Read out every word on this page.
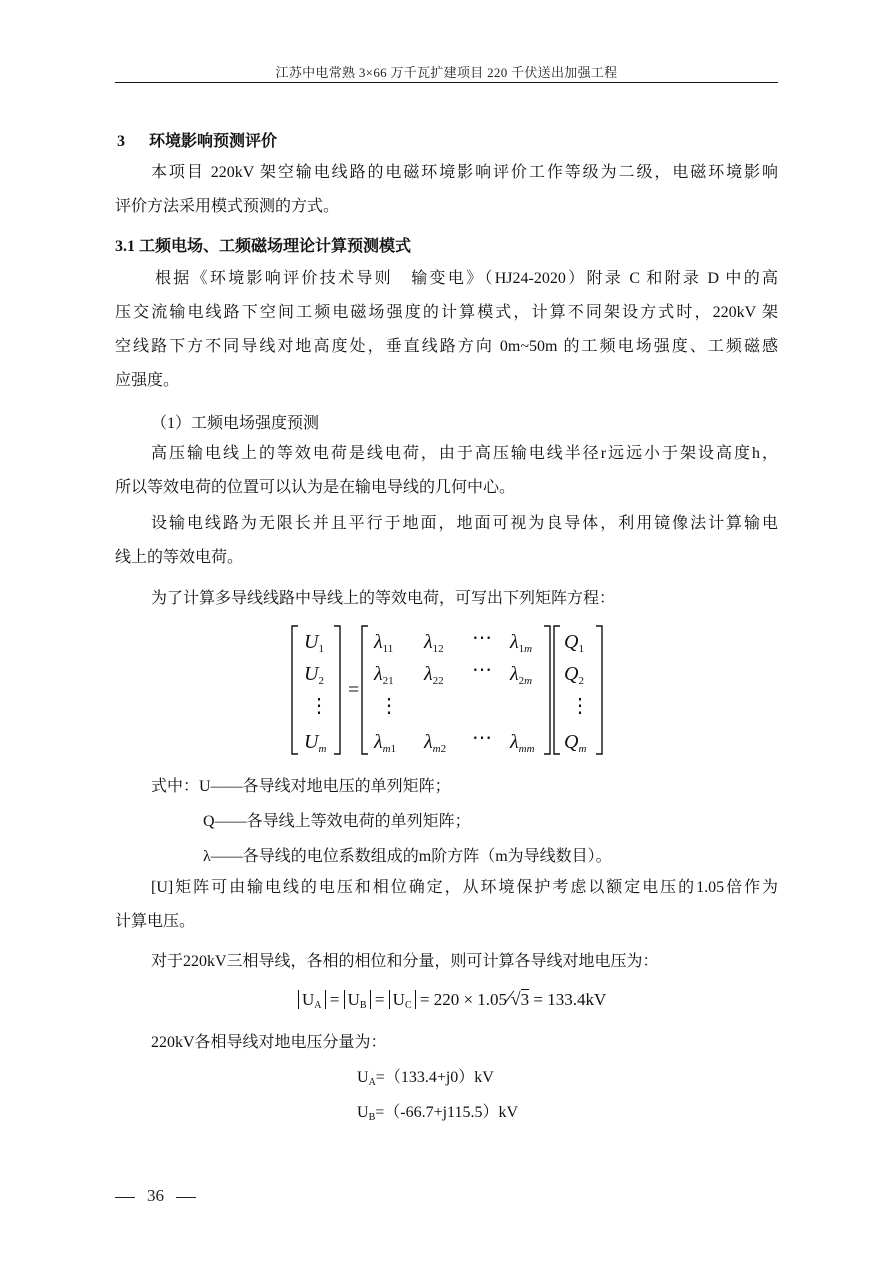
江苏中电常熟 3×66 万千瓦扩建项目 220 千伏送出加强工程
3 环境影响预测评价

本项目 220kV 架空输电线路的电磁环境影响评价工作等级为二级，电磁环境影响
评价方法采用模式预测的方式。

3.1 工频电场、工频磁场理论计算预测模式

根据《环境影响评价技术导则　输变电》（HJ24-2020）附录 C 和附录 D 中的高
压交流输电线路下空间工频电磁场强度的计算模式，计算不同架设方式时，220kV 架
空线路下方不同导线对地高度处，垂直线路方向 0m~50m 的工频电场强度、工频磁感
应强度。

（1）工频电场强度预测

高压输电线上的等效电荷是线电荷，由于高压输电线半径r远远小于架设高度h，
所以等效电荷的位置可以认为是在输电导线的几何中心。

设输电线路为无限长并且平行于地面，地面可视为良导体，利用镜像法计算输电
线上的等效电荷。

为了计算多导线线路中导线上的等效电荷，可写出下列矩阵方程：
=
$U_1$
$U_2$
⋮
$U_m$
$\lambda_{11}$ $\lambda_{12}$ ⋯ $\lambda_1m$
$\lambda_{21}$ $\lambda_{22}$ ⋯ $\lambda_2m$
⋮
$\lambda_m1$ $\lambda_m2$ ⋯ $\lambda_{mm}$
$Q_1$
$Q_2$
⋮
$Q_m$
式中：U——各导线对地电压的单列矩阵；
Q——各导线上等效电荷的单列矩阵；
λ——各导线的电位系数组成的m阶方阵（m为导线数目）。

[U]矩阵可由输电线的电压和相位确定，从环境保护考虑以额定电压的1.05倍作为
计算电压。

对于220kV三相导线，各相的相位和分量，则可计算各导线对地电压为：
$U_A = U_B = U_C = 220$ × 1.05∕√3 = 133.4kV
220kV各相导线对地电压分量为：
$U_A=(133.4+j0)kV$
$U_B=(-66.7+j115.5)kV$
36
